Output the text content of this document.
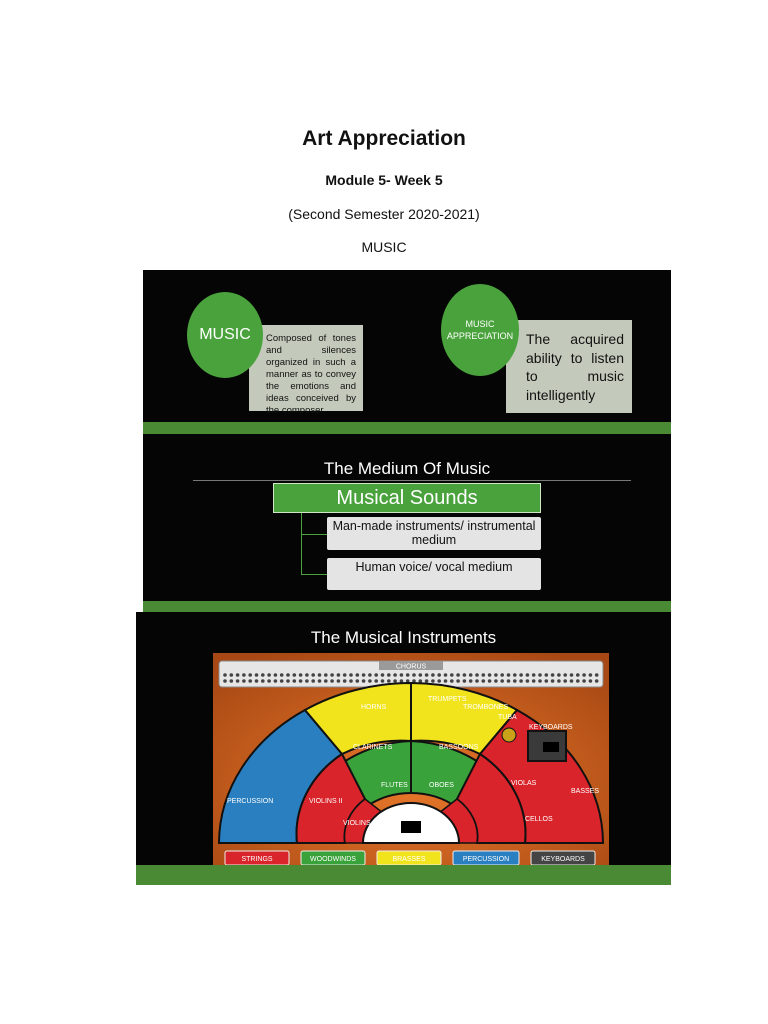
Art Appreciation
Module 5- Week 5
(Second Semester 2020-2021)
MUSIC
Composed of tones and silences organized in such a manner as to convey the emotions and ideas conceived by the composer
MUSIC	The acquired ability to listen to music intelligently
MUSIC APPRECIATION
The Medium Of Music
Musical Sounds
Man-made instruments/ instrumental medium
Human voice/ vocal medium
The Musical Instruments
CHORUS
HORNS
TRUMPETS
TROMBONES
TUBA
CLARINETS	BASSOONS
FLUTES	OBOES
PERCUSSION	VIOLINS II
VIOLINS I
VIOLAS
CELLOS
BASSES
KEYBOARDS
CONDUCTOR
STRINGS	WOODWINDS	BRASSES	PERCUSSION	KEYBOARDS
